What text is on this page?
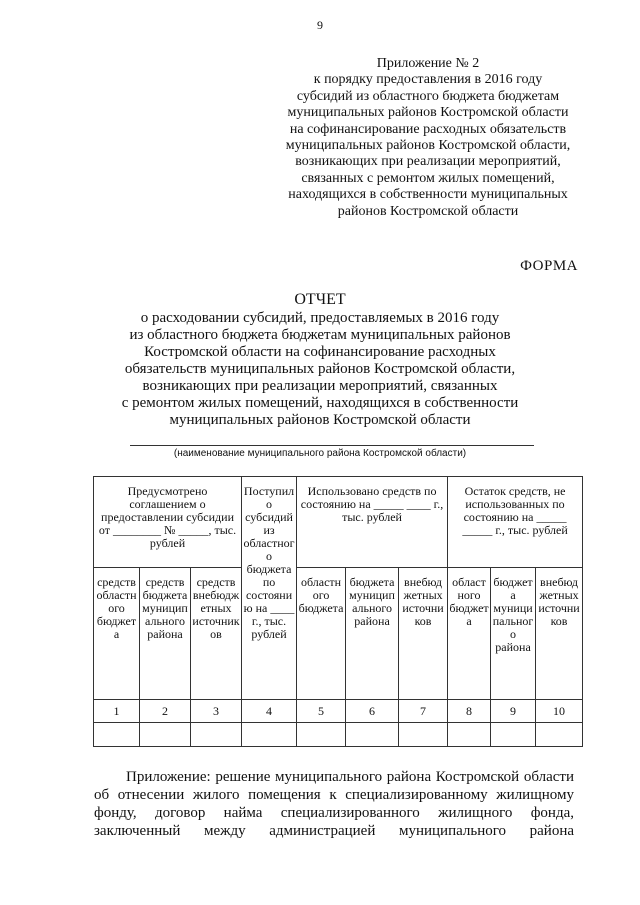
9
Приложение № 2
к порядку предоставления в 2016 году
субсидий из областного бюджета бюджетам
муниципальных районов Костромской области
на софинансирование расходных обязательств
муниципальных районов Костромской области,
возникающих при реализации мероприятий,
связанных с ремонтом жилых помещений,
находящихся в собственности муниципальных
районов Костромской области
ФОРМА
ОТЧЕТ
о расходовании субсидий, предоставляемых в 2016 году
из областного бюджета бюджетам муниципальных районов
Костромской области на софинансирование расходных
обязательств муниципальных районов Костромской области,
возникающих при реализации мероприятий, связанных
с ремонтом жилых помещений, находящихся в собственности
муниципальных районов Костромской области
(наименование муниципального района Костромской области)
Предусмотрено соглашением о предоставлении субсидии от ________ № _____, тыс. рублей			Поступило субсидий из областного бюджета по состоянию на ____ г., тыс. рублей	Использовано средств по состоянию на _____ ____ г., тыс. рублей			Остаток средств, не использованных по состоянию на _____ _____ г., тыс. рублей		
средств областного бюджета	средств бюджета муниципального района	средств внебюджетных источников		областного бюджета	бюджета муниципального района	внебюджетных источников	областного бюджета	бюджета муниципального района	внебюджетных источников
1	2	3	4	5	6	7	8	9	10

Приложение: решение муниципального района Костромской области
об отнесении жилого помещения к специализированному жилищному
фонду, договор найма специализированного жилищного фонда,
заключенный между администрацией муниципального района
